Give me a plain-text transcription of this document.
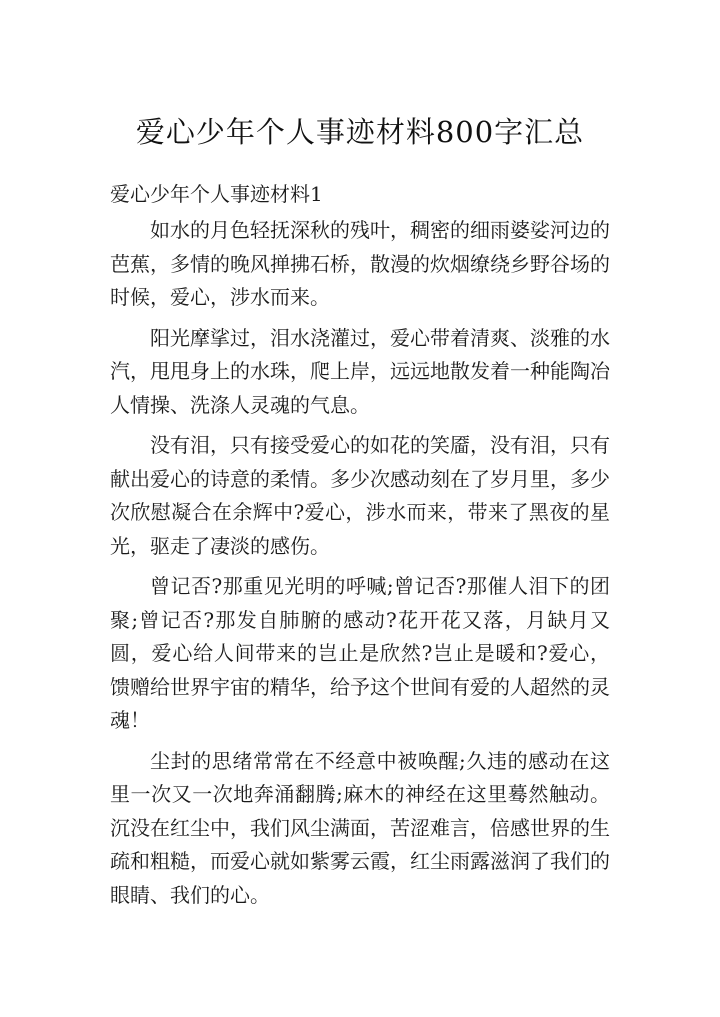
爱心少年个人事迹材料800字汇总
爱心少年个人事迹材料1

如水的月色轻抚深秋的残叶，稠密的细雨婆娑河边的芭蕉，多情的晚风掸拂石桥，散漫的炊烟缭绕乡野谷场的时候，爱心，涉水而来。

阳光摩挲过，泪水浇灌过，爱心带着清爽、淡雅的水汽，甩甩身上的水珠，爬上岸，远远地散发着一种能陶冶人情操、洗涤人灵魂的气息。

没有泪，只有接受爱心的如花的笑靥，没有泪，只有献出爱心的诗意的柔情。多少次感动刻在了岁月里，多少次欣慰凝合在余辉中?爱心，涉水而来，带来了黑夜的星光，驱走了凄淡的感伤。

曾记否?那重见光明的呼喊;曾记否?那催人泪下的团聚;曾记否?那发自肺腑的感动?花开花又落，月缺月又圆，爱心给人间带来的岂止是欣然?岂止是暖和?爱心，馈赠给世界宇宙的精华，给予这个世间有爱的人超然的灵魂！

尘封的思绪常常在不经意中被唤醒;久违的感动在这里一次又一次地奔涌翻腾;麻木的神经在这里蓦然触动。沉没在红尘中，我们风尘满面，苦涩难言，倍感世界的生疏和粗糙，而爱心就如紫雾云霞，红尘雨露滋润了我们的眼睛、我们的心。
